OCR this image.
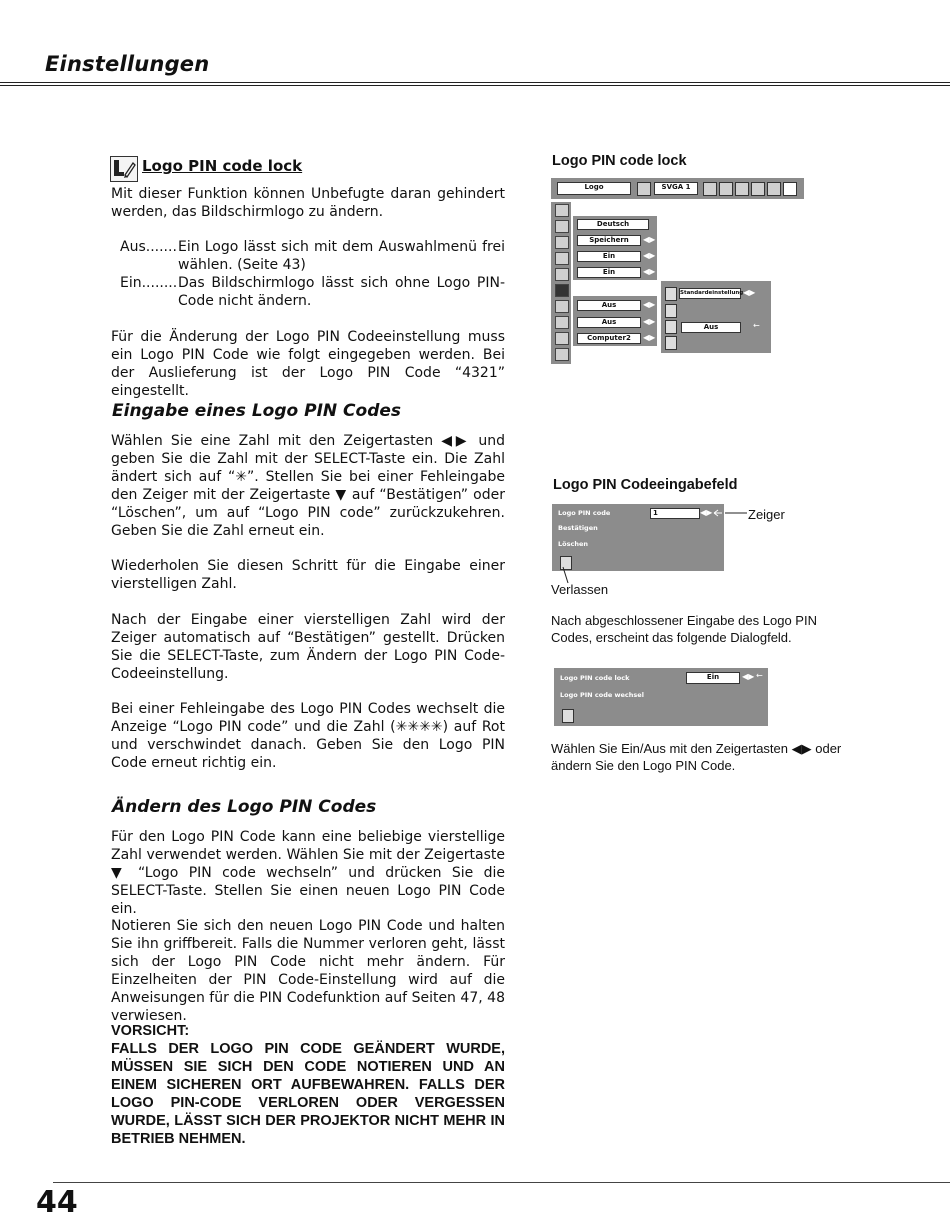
Einstellungen
Logo PIN code lock
Mit dieser Funktion können Unbefugte daran gehindert werden, das Bildschirmlogo zu ändern.
Aus....... Ein Logo lässt sich mit dem Auswahlmenü frei wählen. (Seite 43)
Ein........ Das Bildschirmlogo lässt sich ohne Logo PIN-Code nicht ändern.
Für die Änderung der Logo PIN Codeeinstellung muss ein Logo PIN Code wie folgt eingegeben werden. Bei der Auslieferung ist der Logo PIN Code “4321” eingestellt.
Eingabe eines Logo PIN Codes
Wählen Sie eine Zahl mit den Zeigertasten ◀▶ und geben Sie die Zahl mit der SELECT-Taste ein. Die Zahl ändert sich auf “✳”. Stellen Sie bei einer Fehleingabe den Zeiger mit der Zeigertaste ▼ auf “Bestätigen” oder “Löschen”, um auf “Logo PIN code” zurückzukehren. Geben Sie die Zahl erneut ein.
Wiederholen Sie diesen Schritt für die Eingabe einer vierstelligen Zahl.
Nach der Eingabe einer vierstelligen Zahl wird der Zeiger automatisch auf “Bestätigen” gestellt. Drücken Sie die SELECT-Taste, zum Ändern der Logo PIN Code-Codeeinstellung.
Bei einer Fehleingabe des Logo PIN Codes wechselt die Anzeige “Logo PIN code” und die Zahl (✳✳✳✳) auf Rot und verschwindet danach. Geben Sie den Logo PIN Code erneut richtig ein.
Ändern des Logo PIN Codes
Für den Logo PIN Code kann eine beliebige vierstellige Zahl verwendet werden. Wählen Sie mit der Zeigertaste ▼ “Logo PIN code wechseln” und drücken Sie die SELECT-Taste. Stellen Sie einen neuen Logo PIN Code ein.
Notieren Sie sich den neuen Logo PIN Code und halten Sie ihn griffbereit. Falls die Nummer verloren geht, lässt sich der Logo PIN Code nicht mehr ändern. Für Einzelheiten der PIN Code-Einstellung wird auf die Anweisungen für die PIN Codefunktion auf Seiten 47, 48 verwiesen.
VORSICHT:
FALLS DER LOGO PIN CODE GEÄNDERT WURDE, MÜSSEN SIE SICH DEN CODE NOTIEREN UND AN EINEM SICHEREN ORT AUFBEWAHREN. FALLS DER LOGO PIN-CODE VERLOREN ODER VERGESSEN WURDE, LÄSST SICH DER PROJEKTOR NICHT MEHR IN BETRIEB NEHMEN.
Logo PIN code lock
Logo	SVGA 1
Deutsch
Speichern	◀▶
Ein	◀▶
Ein	◀▶
Aus	◀▶
Aus	◀▶
Computer2	◀▶
Standardeinstellung ◀▶
Aus	←
Logo PIN Codeeingabefeld
Logo PIN code	1	◀▶
Bestätigen
Löschen
Zeiger
Verlassen
Nach abgeschlossener Eingabe des Logo PIN Codes, erscheint das folgende Dialogfeld.
Logo PIN code lock	Ein	◀▶ ←
Logo PIN code wechsel
Wählen Sie Ein/Aus mit den Zeigertasten ◀▶ oder ändern Sie den Logo PIN Code.
44
